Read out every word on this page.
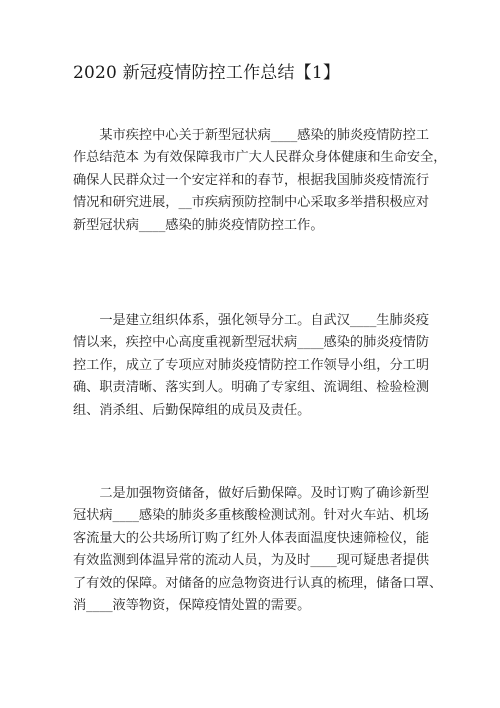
2020 新冠疫情防控工作总结【1】
　　某市疾控中心关于新型冠状病____感染的肺炎疫情防控工
作总结范本 为有效保障我市广大人民群众身体健康和生命安全，
确保人民群众过一个安定祥和的春节，根据我国肺炎疫情流行
情况和研究进展，__市疾病预防控制中心采取多举措积极应对
新型冠状病____感染的肺炎疫情防控工作。
　　一是建立组织体系，强化领导分工。自武汉____生肺炎疫
情以来，疾控中心高度重视新型冠状病____感染的肺炎疫情防
控工作，成立了专项应对肺炎疫情防控工作领导小组，分工明
确、职责清晰、落实到人。明确了专家组、流调组、检验检测
组、消杀组、后勤保障组的成员及责任。
　　二是加强物资储备，做好后勤保障。及时订购了确诊新型
冠状病____感染的肺炎多重核酸检测试剂。针对火车站、机场
客流量大的公共场所订购了红外人体表面温度快速筛检仪，能
有效监测到体温异常的流动人员，为及时____现可疑患者提供
了有效的保障。对储备的应急物资进行认真的梳理，储备口罩、
消____液等物资，保障疫情处置的需要。
